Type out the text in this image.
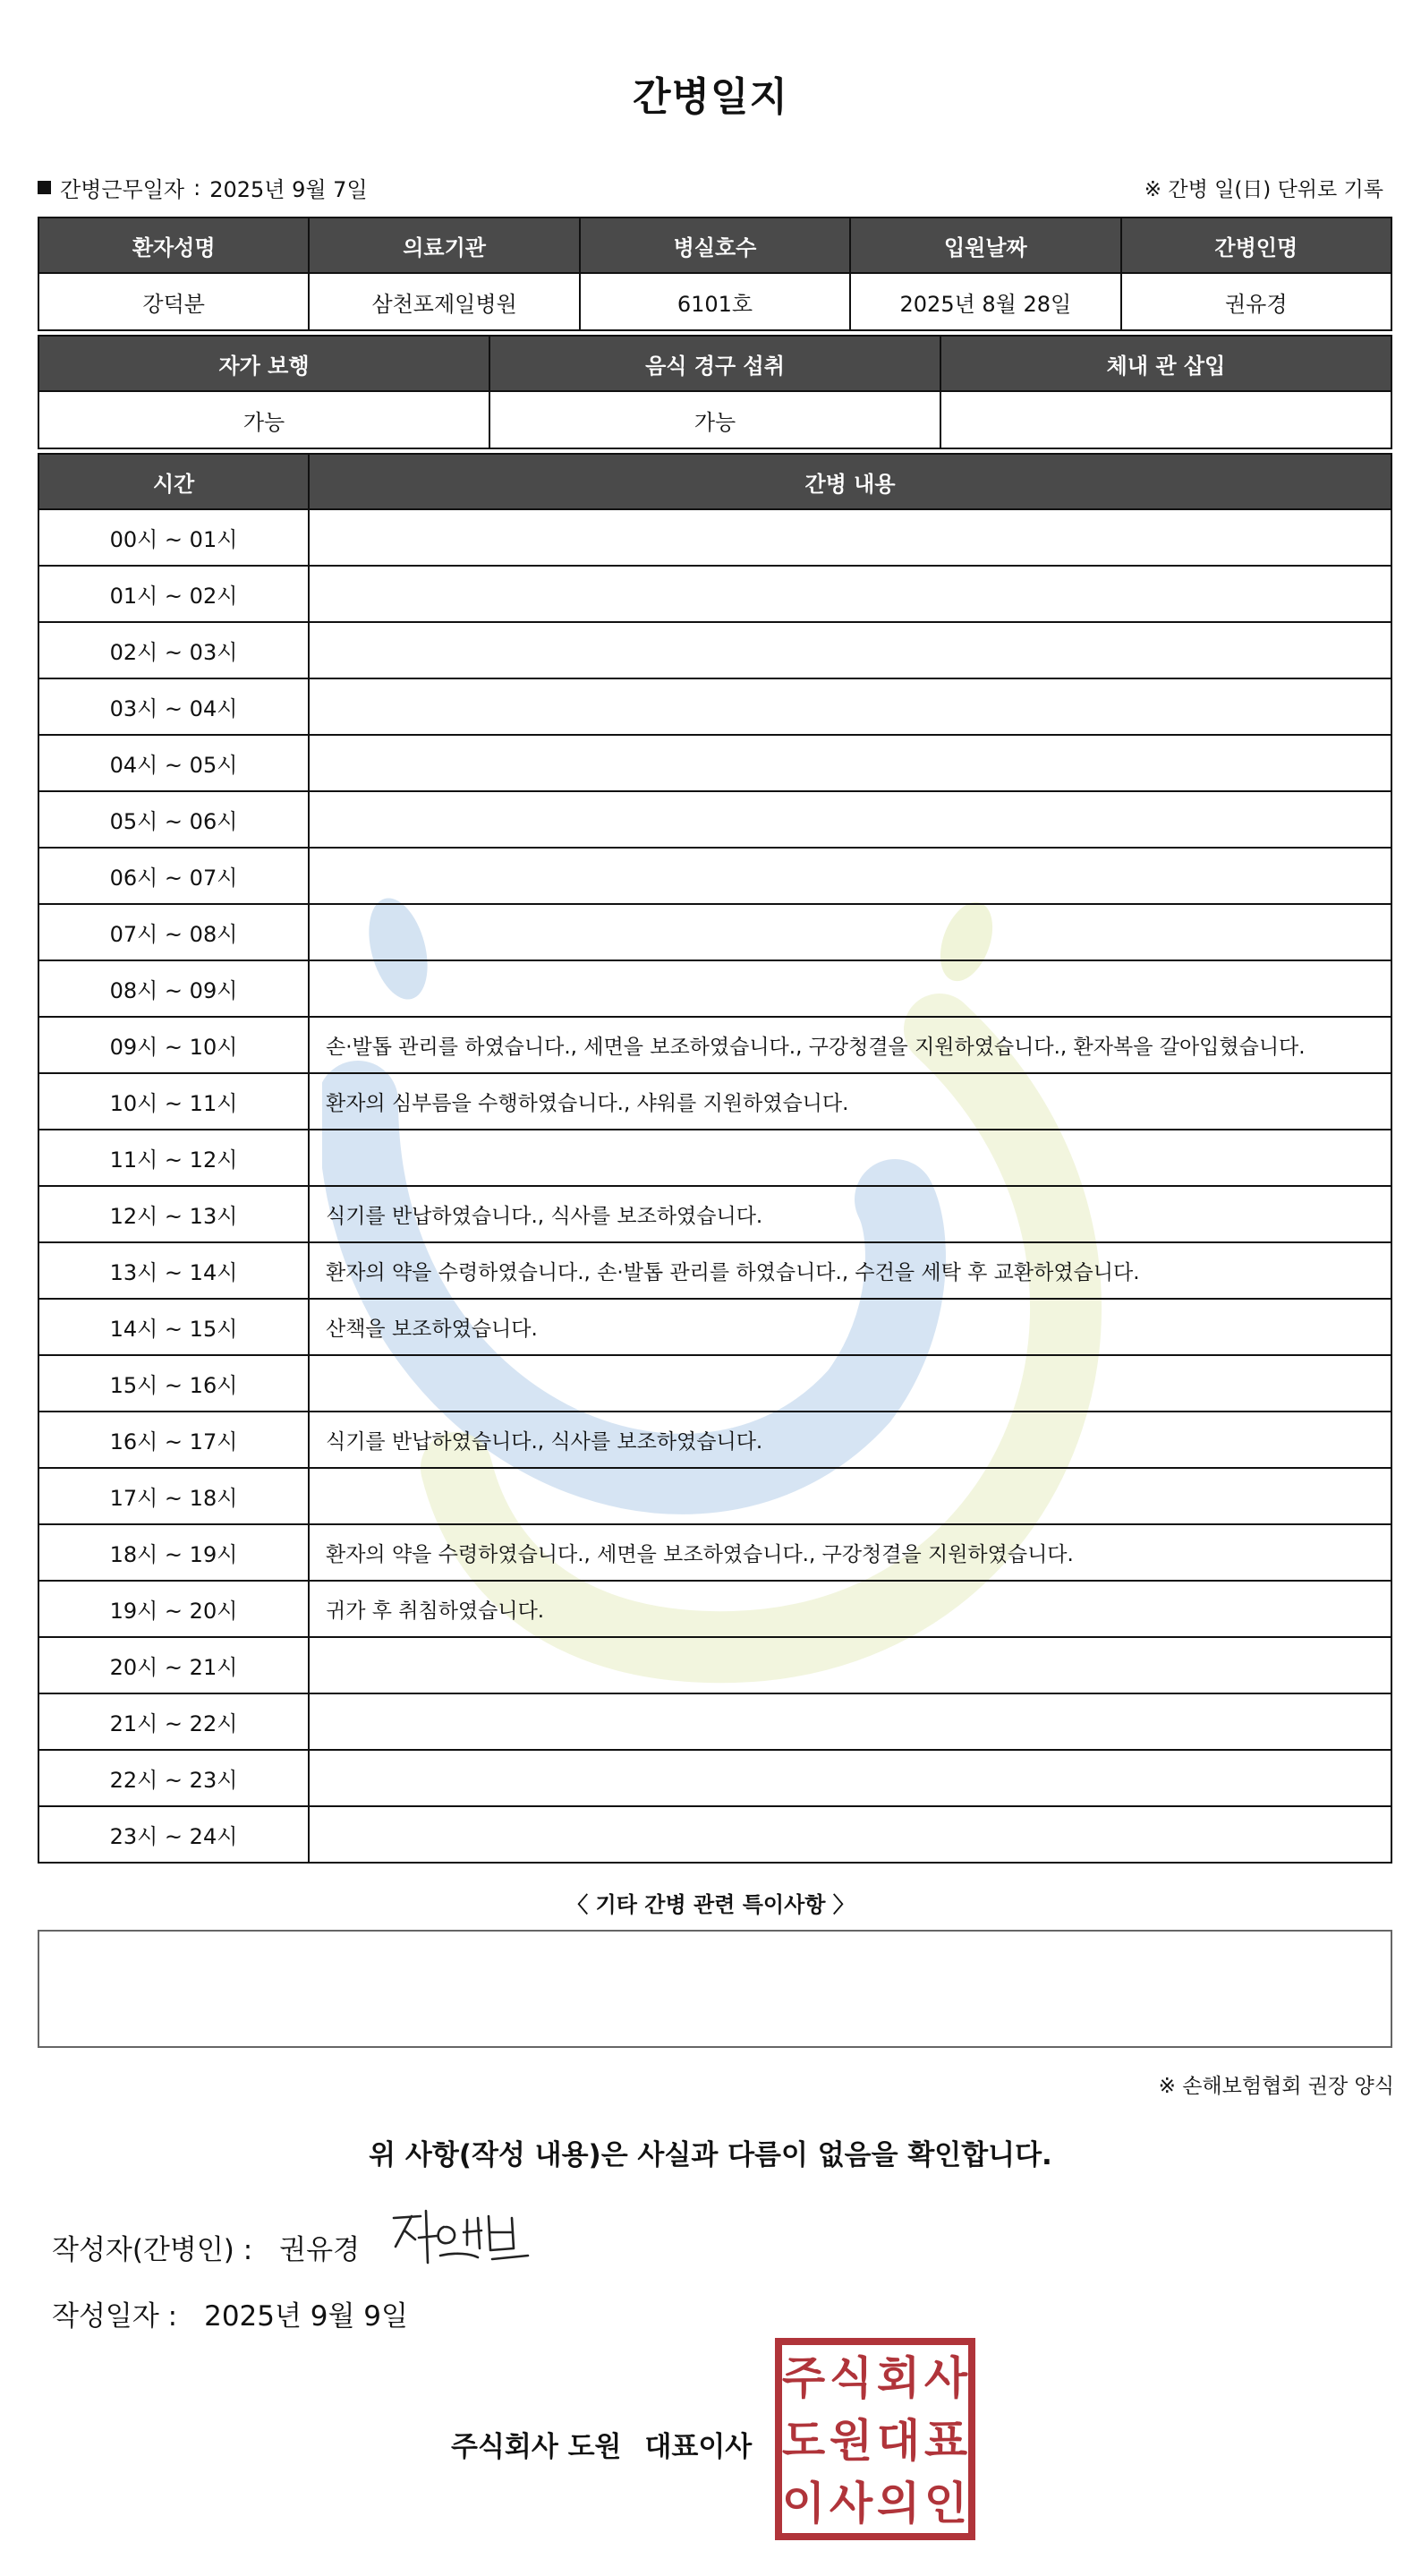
간병일지
간병근무일자 : 2025년 9월 7일	※ 간병 일(日) 단위로 기록
환자성명	의료기관	병실호수	입원날짜	간병인명
강덕분	삼천포제일병원	6101호	2025년 8월 28일	권유경
자가 보행	음식 경구 섭취	체내 관 삽입
가능	가능	
시간	간병 내용
00시 ~ 01시	
01시 ~ 02시	
02시 ~ 03시	
03시 ~ 04시	
04시 ~ 05시	
05시 ~ 06시	
06시 ~ 07시	
07시 ~ 08시	
08시 ~ 09시	
09시 ~ 10시	손·발톱 관리를 하였습니다., 세면을 보조하였습니다., 구강청결을 지원하였습니다., 환자복을 갈아입혔습니다.
10시 ~ 11시	환자의 심부름을 수행하였습니다., 샤워를 지원하였습니다.
11시 ~ 12시	
12시 ~ 13시	식기를 반납하였습니다., 식사를 보조하였습니다.
13시 ~ 14시	환자의 약을 수령하였습니다., 손·발톱 관리를 하였습니다., 수건을 세탁 후 교환하였습니다.
14시 ~ 15시	산책을 보조하였습니다.
15시 ~ 16시	
16시 ~ 17시	식기를 반납하였습니다., 식사를 보조하였습니다.
17시 ~ 18시	
18시 ~ 19시	환자의 약을 수령하였습니다., 세면을 보조하였습니다., 구강청결을 지원하였습니다.
19시 ~ 20시	귀가 후 취침하였습니다.
20시 ~ 21시	
21시 ~ 22시	
22시 ~ 23시	
23시 ~ 24시	
〈 기타 간병 관련 특이사항 〉
※ 손해보험협회 권장 양식
위 사항(작성 내용)은 사실과 다름이 없음을 확인합니다.
작성자(간병인) : 권유경
작성일자 : 2025년 9월 9일
주식회사 도원 대표이사
주 식 회 사
도 원 대 표
이 사 의 인
